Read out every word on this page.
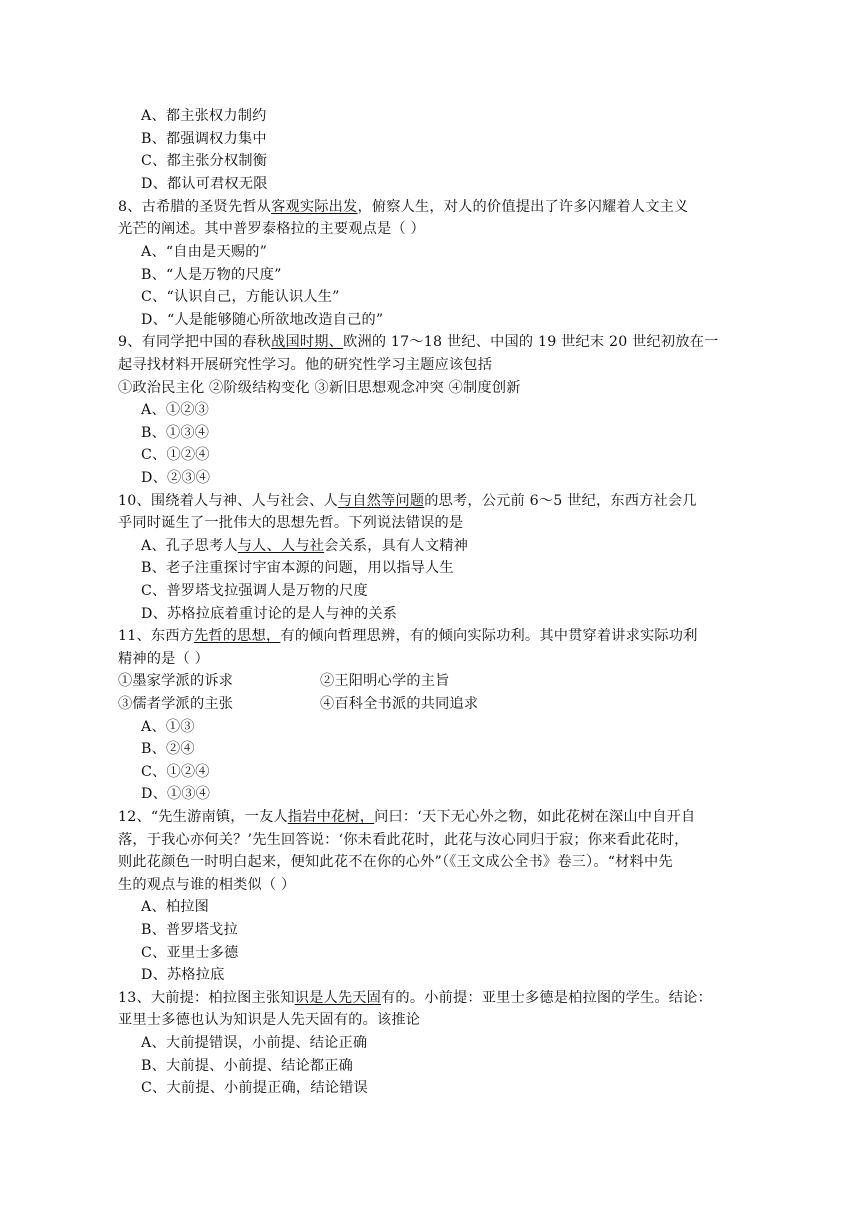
A、都主张权力制约
B、都强调权力集中
C、都主张分权制衡
D、都认可君权无限
8、古希腊的圣贤先哲从客观实际出发，俯察人生，对人的价值提出了许多闪耀着人文主义
光芒的阐述。其中普罗泰格拉的主要观点是（ ）
A、“自由是天赐的”
B、“人是万物的尺度”
C、“认识自己，方能认识人生”
D、“人是能够随心所欲地改造自己的”
9、有同学把中国的春秋战国时期、欧洲的 17～18 世纪、中国的 19 世纪末 20 世纪初放在一
起寻找材料开展研究性学习。他的研究性学习主题应该包括
①政治民主化 ②阶级结构变化 ③新旧思想观念冲突 ④制度创新
A、①②③
B、①③④
C、①②④
D、②③④
10、围绕着人与神、人与社会、人与自然等问题的思考，公元前 6～5 世纪，东西方社会几
乎同时诞生了一批伟大的思想先哲。下列说法错误的是
A、孔子思考人与人、人与社会关系，具有人文精神
B、老子注重探讨宇宙本源的问题，用以指导人生
C、普罗塔戈拉强调人是万物的尺度
D、苏格拉底着重讨论的是人与神的关系
11、东西方先哲的思想，有的倾向哲理思辨，有的倾向实际功利。其中贯穿着讲求实际功利
精神的是（ ）
①墨家学派的诉求	②王阳明心学的主旨
③儒者学派的主张	④百科全书派的共同追求
A、①③
B、②④
C、①②④
D、①③④
12、“先生游南镇，一友人指岩中花树，问曰：‘天下无心外之物，如此花树在深山中自开自
落，于我心亦何关？’先生回答说：‘你未看此花时，此花与汝心同归于寂；你来看此花时，
则此花颜色一时明白起来，便知此花不在你的心外”（《王文成公全书》卷三）。“材料中先
生的观点与谁的相类似（ ）
A、柏拉图
B、普罗塔戈拉
C、亚里士多德
D、苏格拉底
13、大前提：柏拉图主张知识是人先天固有的。小前提：亚里士多德是柏拉图的学生。结论：
亚里士多德也认为知识是人先天固有的。该推论
A、大前提错误，小前提、结论正确
B、大前提、小前提、结论都正确
C、大前提、小前提正确，结论错误
